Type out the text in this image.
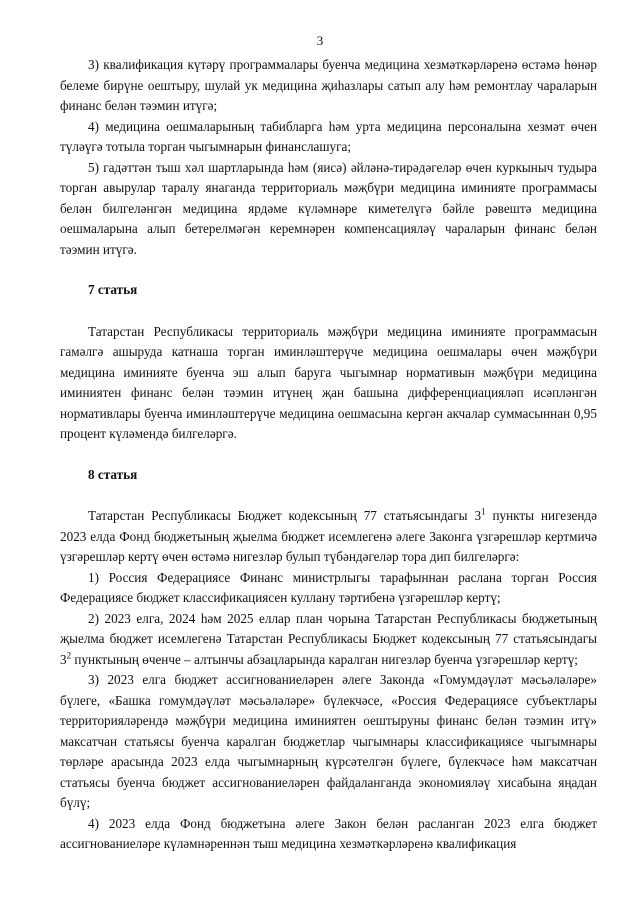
3

3) квалификация күтәрү программалары буенча медицина хезмәткәрләренә өстәмә һөнәр белеме бирүне оештыру, шулай ук медицина җиһазлары сатып алу һәм ремонтлау чараларын финанс белән тәэмин итүгә;

4) медицина оешмаларының табибларга һәм урта медицина персоналына хезмәт өчен түләүгә тотыла торган чыгымнарын финанслашуга;

5) гадәттән тыш хәл шартларында һәм (яисә) әйләнә-тирәдәгеләр өчен куркыныч тудыра торган авырулар таралу янаганда территориаль мәҗбүри медицина иминияте программасы белән билгеләнгән медицина ярдәме күләмнәре кимeтелүгә бәйле рәвештә медицина оешмаларына алып бетерелмәгән керемнәрен компенсацияләү чараларын финанс белән тәэмин итүгә.

7 статья

Татарстан Республикасы территориаль мәҗбүри медицина иминияте программасын гамәлгә ашыруда катнаша торган иминләштерүче медицина оешмалары өчен мәҗбүри медицина иминияте буенча эш алып баруга чыгымнар нормативын мәҗбүри медицина иминиятен финанс белән тәэмин итүнең җан башына дифференциацияләп исәпләнгән нормативлары буенча иминләштерүче медицина оешмасына кергән акчалар суммасыннан 0,95 процент күләмендә билгеләргә.

8 статья

Татарстан Республикасы Бюджет кодексының 77 статьясындагы $3^1$ пункты нигезендә 2023 елда Фонд бюджетының җыелма бюджет исемлегенә әлеге Законга үзгәрешләр кертмичә үзгәрешләр кертү өчен өстәмә нигезләр булып түбәндәгеләр тора дип билгеләргә:

1) Россия Федерациясе Финанс министрлыгы тарафыннан раслана торган Россия Федерациясе бюджет классификациясен куллану тәртибенә үзгәрешләр кертү;

2) 2023 елга, 2024 һәм 2025 еллар план чорына Татарстан Республикасы бюджетының җыелма бюджет исемлегенә Татарстан Республикасы Бюджет кодексының 77 статьясындагы $3^2$ пунктының өченче – алтынчы абзацларында каралган нигезләр буенча үзгәрешләр кертү;

3) 2023 елга бюджет ассигнованиеләрен әлеге Законда «Гомумдәүләт мәсьәләләре» бүлеге, «Башка гомумдәүләт мәсьәләләре» бүлекчәсе, «Россия Федерациясе субъектлары территорияләрендә мәҗбүри медицина иминиятен оештыруны финанс белән тәэмин итү» максатчан статьясы буенча каралган бюджетлар чыгымнары классификациясе чыгымнары төрләре арасында 2023 елда чыгымнарның күрсәтелгән бүлеге, бүлекчәсе һәм максатчан статьясы буенча бюджет ассигнованиеләрен файдаланганда экономияләү хисабына яңадан бүлү;

4) 2023 елда Фонд бюджетына әлеге Закон белән расланган 2023 елга бюджет ассигнованиеләре күләмнәреннән тыш медицина хезмәткәрләренә квалификация
